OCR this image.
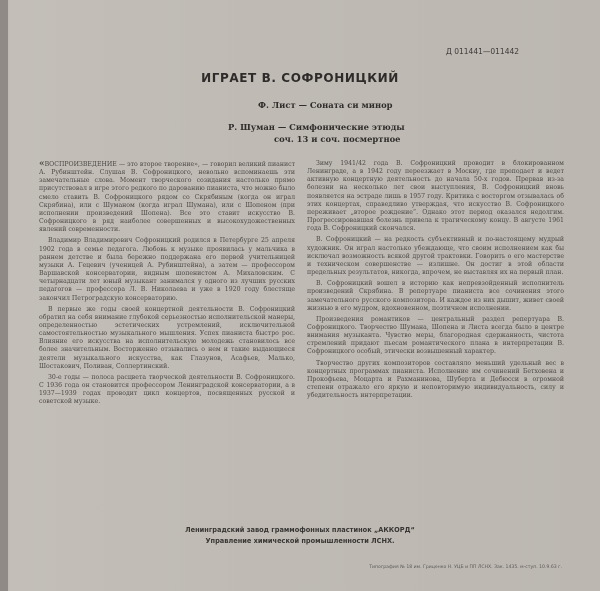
Д 011441—011442
ИГРАЕТ В. СОФРОНИЦКИЙ
Ф. Лист — Соната си минор
Р. Шуман — Симфонические этюды
соч. 13 и соч. посмертное

«ВОСПРОИЗВЕДЕНИЕ — это второе творение», — говорил великий пианист А. Рубинштейн. Слушая В. Софроницкого, невольно вспоминаешь эти замечательные слова. Момент творческого созидания настолько прямо присутствовал в игре этого редкого по дарованию пианиста, что можно было смело ставить В. Софроницкого рядом со Скрябиным (когда он играл Скрябина), или с Шуманом (когда играл Шумана), или с Шопеном (при исполнении произведений Шопена). Все это ставит искусство В. Софроницкого в ряд наиболее совершенных и высокохудожественных явлений современности.

Владимир Владимирович Софроницкий родился в Петербурге 25 апреля 1902 года в семье педагога. Любовь к музыке проявилась у мальчика в раннем детстве и была бережно поддержана его первой учительницей музыки А. Гецевич (ученицей А. Рубинштейна), а затем — профессором Варшавской консерватории, видным шопенистом А. Михаловским. С четырнадцати лет юный музыкант занимался у одного из лучших русских педагогов — профессора Л. В. Николаева и уже в 1920 году блестяще закончил Петроградскую консерваторию.

В первые же годы своей концертной деятельности В. Софроницкий обратил на себя внимание глубокой серьезностью исполнительской манеры, определенностью эстетических устремлений, исключительной самостоятельностью музыкального мышления. Успех пианиста быстро рос. Влияние его искусства на исполнительскую молодежь становилось все более значительным. Восторженно отзывались о нем и такие выдающиеся деятели музыкального искусства, как Глазунов, Асафьев, Малько, Шостакович, Поливан, Соллертинский.

30-е годы — полоса расцвета творческой деятельности В. Софроницкого. С 1936 года он становится профессором Ленинградской консерватории, а в 1937—1939 годах проводит цикл концертов, посвященных русской и советской музыке.

Зиму 1941/42 года В. Софроницкий проводит в блокированном Ленинграде, а в 1942 году переезжает в Москву, где преподает и ведет активную концертную деятельность до начала 50-х годов. Прервав из-за болезни на несколько лет свои выступления, В. Софроницкий вновь появляется на эстраде лишь в 1957 году. Критика с восторгом отзывалась об этих концертах, справедливо утверждая, что искусство В. Софроницкого переживает „второе рождение“. Однако этот период оказался недолгим. Прогрессировавшая болезнь привела к трагическому концу. В августе 1961 года В. Софроницкий скончался.

В. Софроницкий — на редкость субъективный и по-настоящему мудрый художник. Он играл настолько убеждающе, что своим исполнением как бы исключал возможность всякой другой трактовки. Говорить о его мастерстве и техническом совершенстве — излишне. Он достиг в этой области предельных результатов, никогда, впрочем, не выставляя их на первый план.

В. Софроницкий вошел в историю как непревзойденный исполнитель произведений Скрябина. В репертуаре пианиста все сочинения этого замечательного русского композитора. И каждое из них дышит, живет своей жизнью в его мудром, вдохновенном, поэтичном исполнении.

Произведения романтиков — центральный раздел репертуара В. Софроницкого. Творчество Шумана, Шопена и Листа всегда было в центре внимания музыканта. Чувство меры, благородная сдержанность, чистота стремлений придают пьесам романтического плана в интерпретации В. Софроницкого особый, этически возвышенный характер.

Творчество других композиторов составляло меньший удельный вес в концертных программах пианиста. Исполнение им сочинений Бетховена и Прокофьева, Моцарта и Рахманинова, Шуберта и Дебюсси в огромной степени отражало его яркую и неповторимую индивидуальность, силу и убедительность интерпретации.

Ленинградский завод граммофонных пластинок „АККОРД“
Управление химической промышленности ЛСНХ.
Типография № 18 им. Гриценко Н. УЦБ и ПП ЛСНХ. Зак. 1435. м-ступ. 10.9.63 г.
